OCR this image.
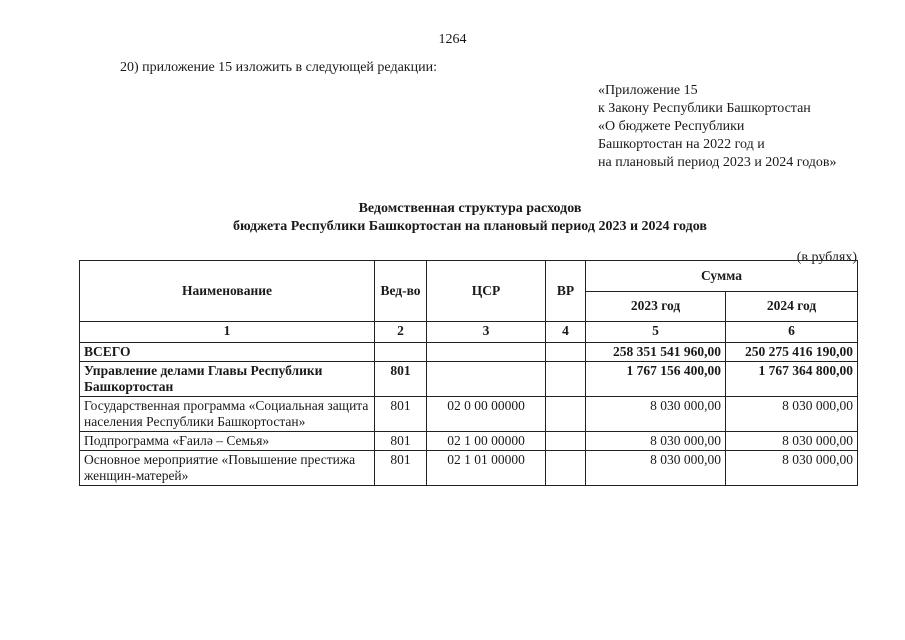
1264
20) приложение 15 изложить в следующей редакции:
«Приложение 15
к Закону Республики Башкортостан
«О бюджете Республики
Башкортостан на 2022 год и
на плановый период 2023 и 2024 годов»
Ведомственная структура расходов
бюджета Республики Башкортостан на плановый период 2023 и 2024 годов
(в рублях)
Наименование	Вед-во	ЦСР	ВР	Сумма	
				2023 год	2024 год
1	2	3	4	5	6
ВСЕГО				258 351 541 960,00	250 275 416 190,00
Управление делами Главы Республики Башкортостан	801			1 767 156 400,00	1 767 364 800,00
Государственная программа «Социальная защита населения Республики Башкортостан»	801	02 0 00 00000		8 030 000,00	8 030 000,00
Подпрограмма «Ғаилә – Семья»	801	02 1 00 00000		8 030 000,00	8 030 000,00
Основное мероприятие «Повышение престижа женщин-матерей»	801	02 1 01 00000		8 030 000,00	8 030 000,00
